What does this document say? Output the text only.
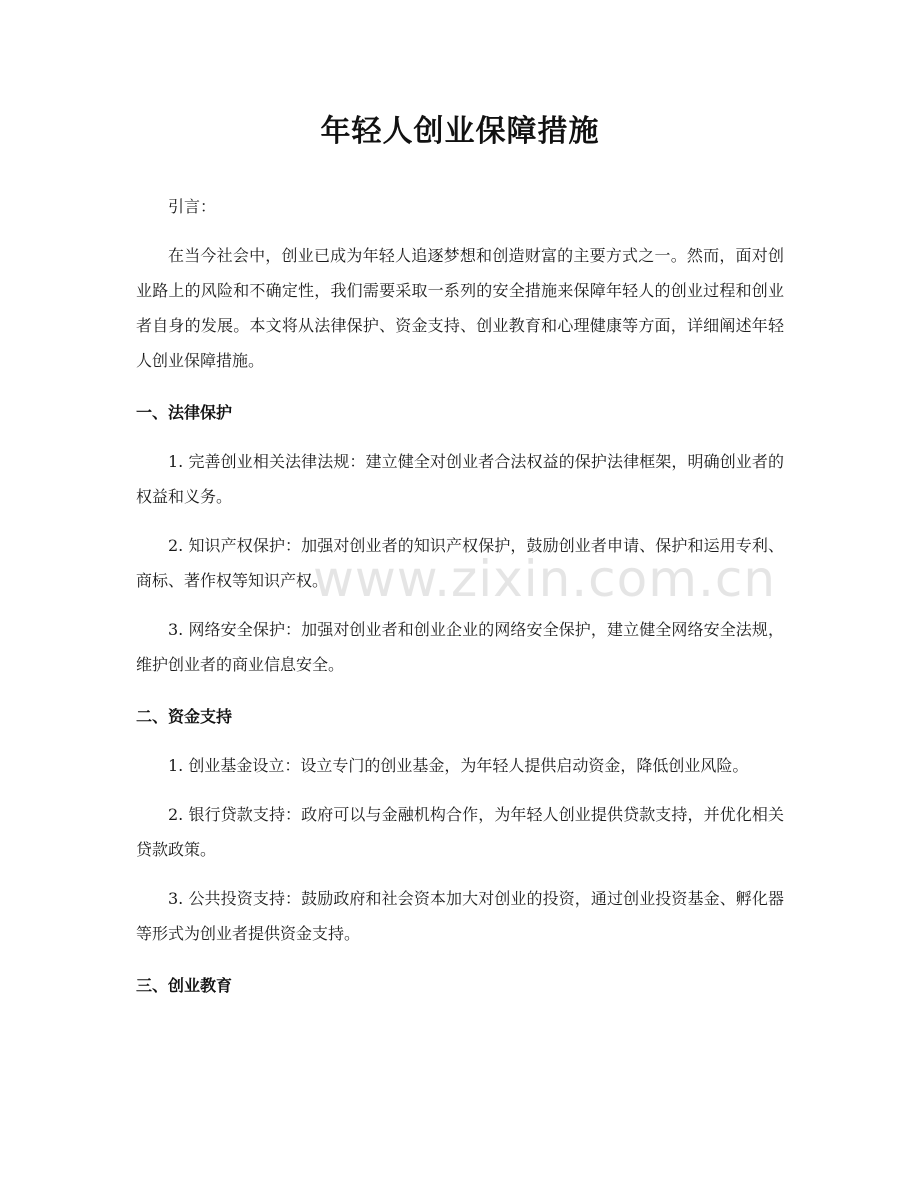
年轻人创业保障措施

引言：

在当今社会中，创业已成为年轻人追逐梦想和创造财富的主要方式之一。然而，面对创业路上的风险和不确定性，我们需要采取一系列的安全措施来保障年轻人的创业过程和创业者自身的发展。本文将从法律保护、资金支持、创业教育和心理健康等方面，详细阐述年轻人创业保障措施。

一、法律保护

1. 完善创业相关法律法规：建立健全对创业者合法权益的保护法律框架，明确创业者的权益和义务。

2. 知识产权保护：加强对创业者的知识产权保护，鼓励创业者申请、保护和运用专利、商标、著作权等知识产权。

3. 网络安全保护：加强对创业者和创业企业的网络安全保护，建立健全网络安全法规，维护创业者的商业信息安全。

二、资金支持

1. 创业基金设立：设立专门的创业基金，为年轻人提供启动资金，降低创业风险。

2. 银行贷款支持：政府可以与金融机构合作，为年轻人创业提供贷款支持，并优化相关贷款政策。

3. 公共投资支持：鼓励政府和社会资本加大对创业的投资，通过创业投资基金、孵化器等形式为创业者提供资金支持。

三、创业教育
www.zixin.com.cn
